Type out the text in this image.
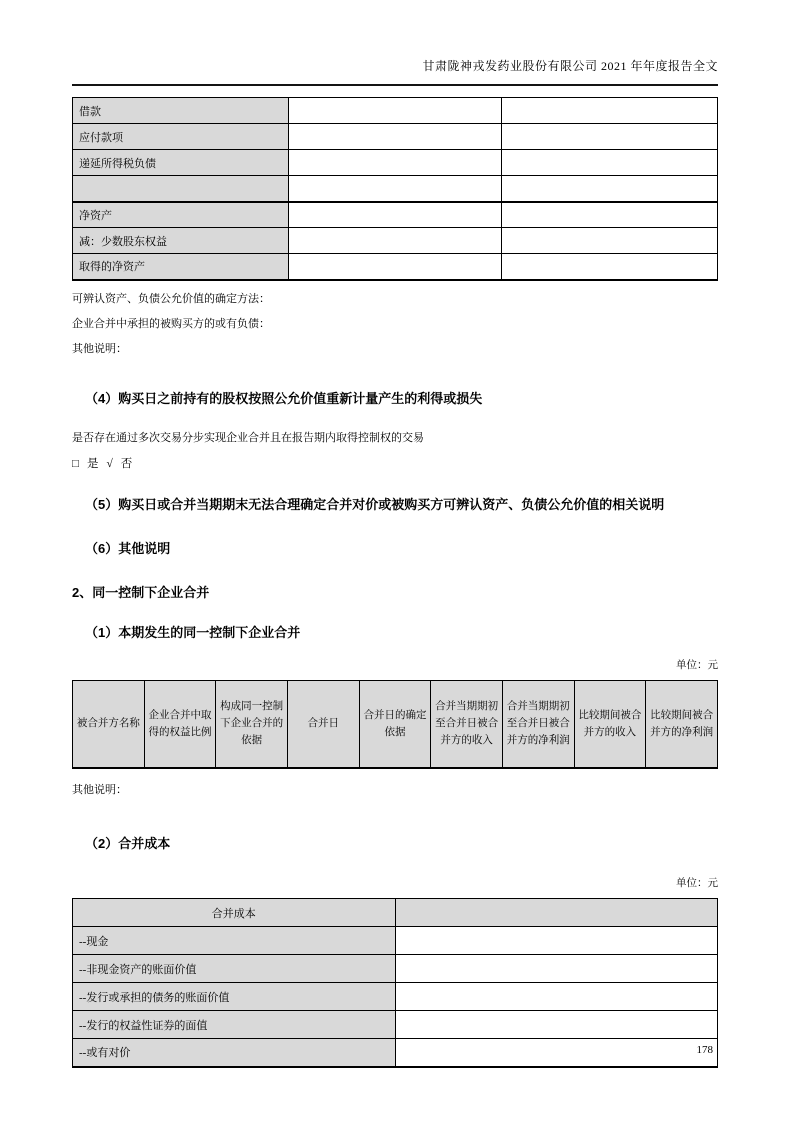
甘肃陇神戎发药业股份有限公司 2021 年年度报告全文
借款		
应付款项		
递延所得税负债		

净资产		
减：少数股东权益		
取得的净资产		

可辨认资产、负债公允价值的确定方法：

企业合并中承担的被购买方的或有负债：

其他说明：

（4）购买日之前持有的股权按照公允价值重新计量产生的利得或损失

是否存在通过多次交易分步实现企业合并且在报告期内取得控制权的交易

□ 是 √ 否

（5）购买日或合并当期期末无法合理确定合并对价或被购买方可辨认资产、负债公允价值的相关说明

（6）其他说明

2、同一控制下企业合并

（1）本期发生的同一控制下企业合并

单位：元
被合并方名称	企业合并中取得的权益比例	构成同一控制下企业合并的依据	合并日	合并日的确定依据	合并当期期初至合并日被合并方的收入	合并当期期初至合并日被合并方的净利润	比较期间被合并方的收入	比较期间被合并方的净利润

其他说明：

（2）合并成本

单位：元
合并成本	
--现金	
--非现金资产的账面价值	
--发行或承担的债务的账面价值	
--发行的权益性证券的面值	
--或有对价		178
